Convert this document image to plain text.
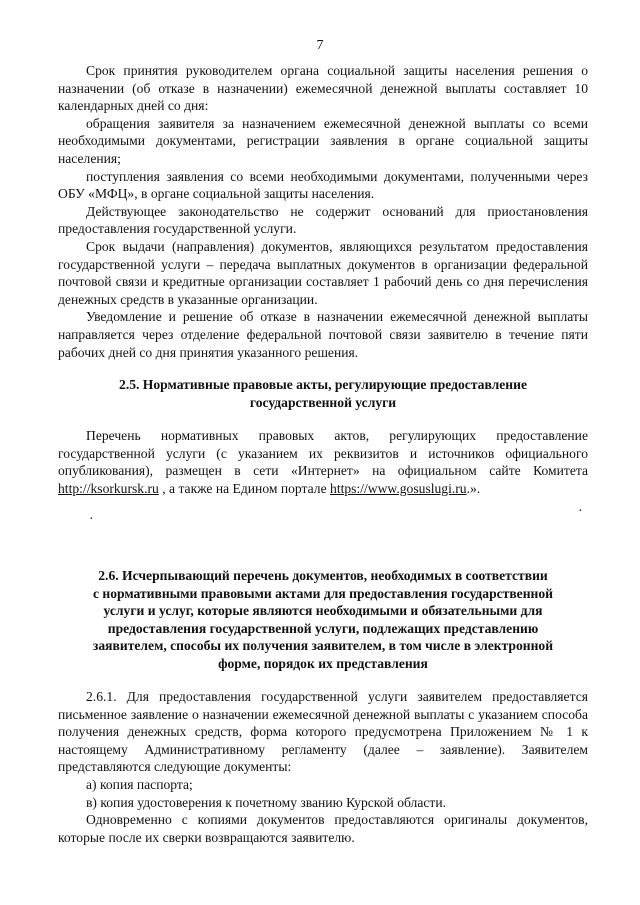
7

Срок принятия руководителем органа социальной защиты населения решения о назначении (об отказе в назначении) ежемесячной денежной выплаты составляет 10 календарных дней со дня:

обращения заявителя за назначением ежемесячной денежной выплаты со всеми необходимыми документами, регистрации заявления в органе социальной защиты населения;

поступления заявления со всеми необходимыми документами, полученными через ОБУ «МФЦ», в органе социальной защиты населения.

Действующее законодательство не содержит оснований для приостановления предоставления государственной услуги.

Срок выдачи (направления) документов, являющихся результатом предоставления государственной услуги – передача выплатных документов в организации федеральной почтовой связи и кредитные организации составляет 1 рабочий день со дня перечисления денежных средств в указанные организации.

Уведомление и решение об отказе в назначении ежемесячной денежной выплаты направляется через отделение федеральной почтовой связи заявителю в течение пяти рабочих дней со дня принятия указанного решения.

2.5. Нормативные правовые акты, регулирующие предоставление
государственной услуги

Перечень нормативных правовых актов, регулирующих предоставление государственной услуги (с указанием их реквизитов и источников официального опубликования), размещен в сети «Интернет» на официальном сайте Комитета http://ksorkursk.ru , а также на Едином портале https://www.gosuslugi.ru.».

·
·
2.6. Исчерпывающий перечень документов, необходимых в соответствии
с нормативными правовыми актами для предоставления государственной
услуги и услуг, которые являются необходимыми и обязательными для
предоставления государственной услуги, подлежащих представлению
заявителем, способы их получения заявителем, в том числе в электронной
форме, порядок их представления

2.6.1. Для предоставления государственной услуги заявителем предоставляется письменное заявление о назначении ежемесячной денежной выплаты с указанием способа получения денежных средств, форма которого предусмотрена Приложением № 1 к настоящему Административному регламенту (далее – заявление). Заявителем представляются следующие документы:

а) копия паспорта;

в) копия удостоверения к почетному званию Курской области.

Одновременно с копиями документов предоставляются оригиналы документов, которые после их сверки возвращаются заявителю.
